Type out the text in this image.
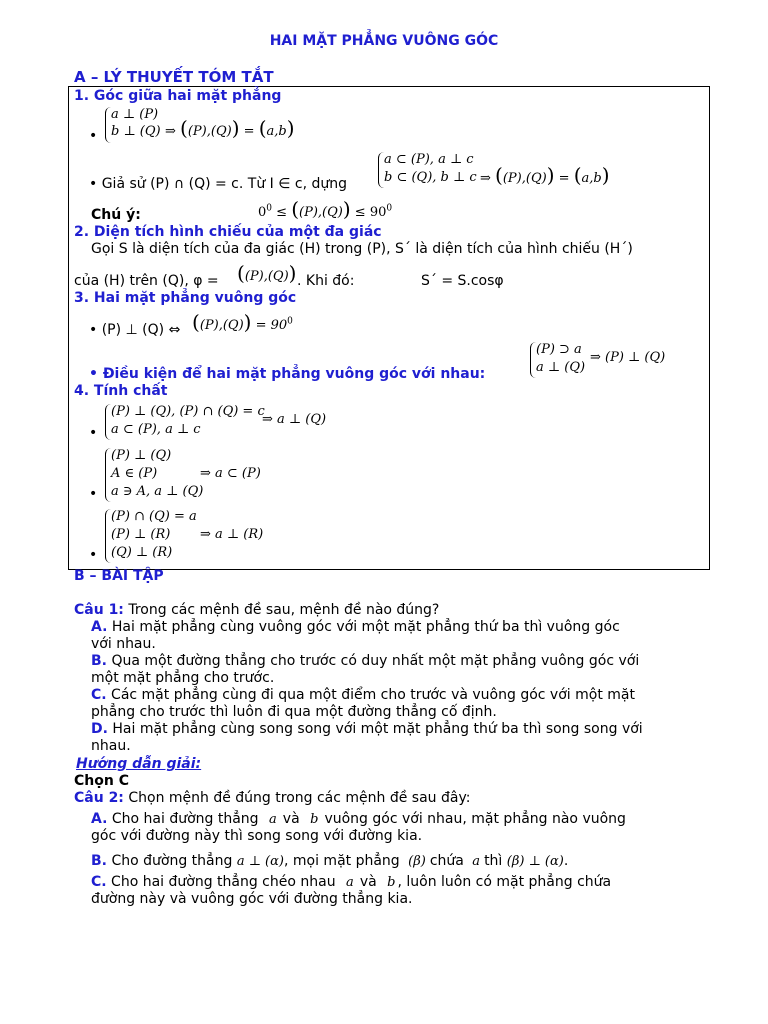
HAI MẶT PHẲNG VUÔNG GÓC
A – LÝ THUYẾT TÓM TẮT
1. Góc giữa hai mặt phẳng
•
a ⊥ (P)
b ⊥ (Q) ⇒ ((P),(Q)) = (a,b)
• Giả sử (P) ∩ (Q) = c. Từ I ∈ c, dựng
a ⊂ (P), a ⊥ c
b ⊂ (Q), b ⊥ c ⇒ ((P),(Q)) = (a,b)
Chú ý:	$0^0 \le ((P),(Q)) \le 90^0$
2. Diện tích hình chiếu của một đa giác
Gọi S là diện tích của đa giác (H) trong (P), S´ là diện tích của hình chiếu (H´)
của (H) trên (Q), φ = ((P),(Q)) . Khi đó:	S´ = S.cosφ
3. Hai mặt phẳng vuông góc
• (P) ⊥ (Q) ⇔ $((P),(Q)) = 90^0$
• Điều kiện để hai mặt phẳng vuông góc với nhau:
(P) ⊃ a
a ⊥ (Q)
⇒ (P) ⊥ (Q)
4. Tính chất
•
(P) ⊥ (Q), (P) ∩ (Q) = c
a ⊂ (P), a ⊥ c
⇒ a ⊥ (Q)
•
(P) ⊥ (Q)
A ∈ (P)
a ∋ A, a ⊥ (Q)
⇒ a ⊂ (P)
•
(P) ∩ (Q) = a
(P) ⊥ (R)
(Q) ⊥ (R)
⇒ a ⊥ (R)
B – BÀI TẬP
Câu 1: Trong các mệnh đề sau, mệnh đề nào đúng?
A. Hai mặt phẳng cùng vuông góc với một mặt phẳng thứ ba thì vuông góc
với nhau.
B. Qua một đường thẳng cho trước có duy nhất một mặt phẳng vuông góc với
một mặt phẳng cho trước.
C. Các mặt phẳng cùng đi qua một điểm cho trước và vuông góc với một mặt
phẳng cho trước thì luôn đi qua một đường thẳng cố định.
D. Hai mặt phẳng cùng song song với một mặt phẳng thứ ba thì song song với
nhau.
Hướng dẫn giải:
Chọn C
Câu 2: Chọn mệnh đề đúng trong các mệnh đề sau đây:
A. Cho hai đường thẳng a và b vuông góc với nhau, mặt phẳng nào vuông
góc với đường này thì song song với đường kia.
B. Cho đường thẳng a ⊥ (α), mọi mặt phẳng (β) chứa a thì (β) ⊥ (α).
C. Cho hai đường thẳng chéo nhau a và b , luôn luôn có mặt phẳng chứa
đường này và vuông góc với đường thẳng kia.
